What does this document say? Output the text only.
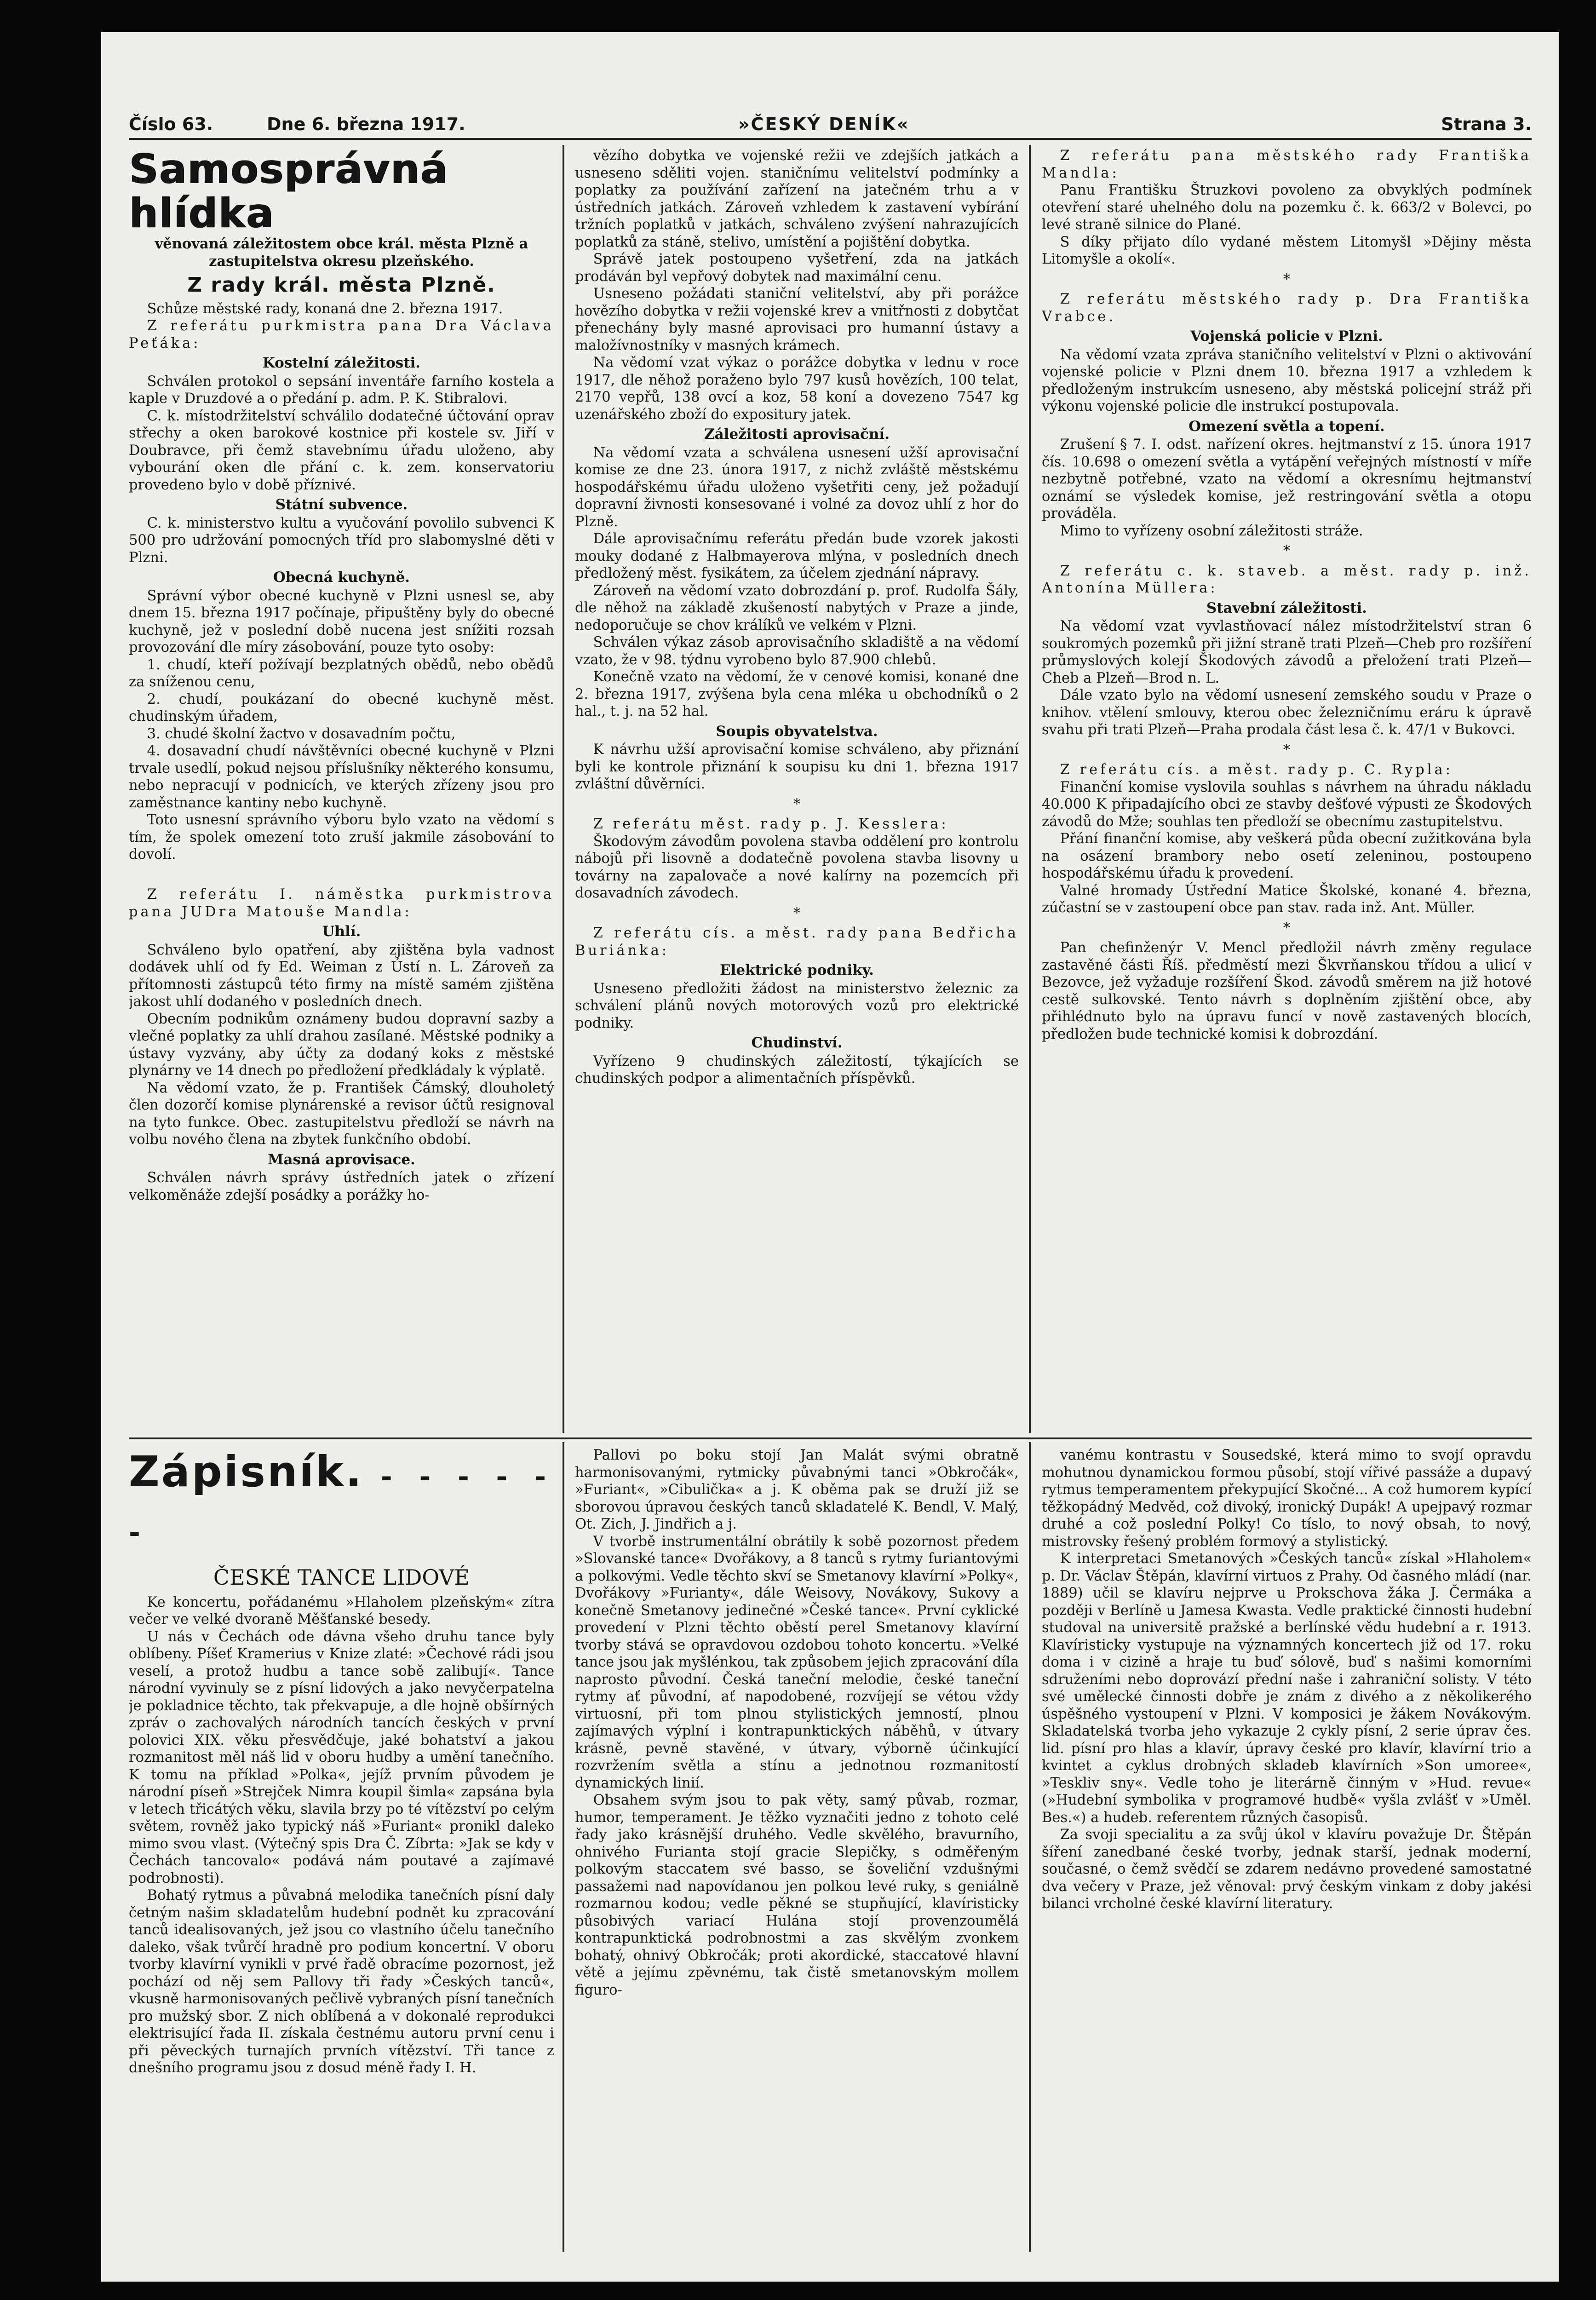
Číslo 63.	Dne 6. března 1917.	»ČESKÝ DENÍK«	Strana 3.
Samosprávná hlídka

věnovaná záležitostem obce král. města Plzně a zastupitelstva okresu plzeňského.

Z rady král. města Plzně.

Schůze městské rady, konaná dne 2. března 1917.

Z referátu purkmistra pana Dra Václava Peťáka:

Kostelní záležitosti.

Schválen protokol o sepsání inventáře farního kostela a kaple v Druzdové a o předání p. adm. P. K. Stibralovi.

C. k. místodržitelství schválilo dodatečné účtování oprav střechy a oken barokové kostnice při kostele sv. Jiří v Doubravce, při čemž stavebnímu úřadu uloženo, aby vybourání oken dle přání c. k. zem. konservatoriu provedeno bylo v době příznivé.

Státní subvence.

C. k. ministerstvo kultu a vyučování povolilo subvenci K 500 pro udržování pomocných tříd pro slabomyslné děti v Plzni.

Obecná kuchyně.

Správní výbor obecné kuchyně v Plzni usnesl se, aby dnem 15. března 1917 počínaje, připuštěny byly do obecné kuchyně, jež v poslední době nucena jest snížiti rozsah provozování dle míry zásobování, pouze tyto osoby:

1. chudí, kteří požívají bezplatných obědů, nebo obědů za sníženou cenu,

2. chudí, poukázaní do obecné kuchyně měst. chudinským úřadem,

3. chudé školní žactvo v dosavadním počtu,

4. dosavadní chudí návštěvníci obecné kuchyně v Plzni trvale usedlí, pokud nejsou příslušníky některého konsumu, nebo nepracují v podnicích, ve kterých zřízeny jsou pro zaměstnance kantiny nebo kuchyně.

Toto usnesní správního výboru bylo vzato na vědomí s tím, že spolek omezení toto zruší jakmile zásobování to dovolí.

Z referátu I. náměstka purkmistrova pana JUDra Matouše Mandla:

Uhlí.

Schváleno bylo opatření, aby zjištěna byla vadnost dodávek uhlí od fy Ed. Weiman z Ústí n. L. Zároveň za přítomnosti zástupců této firmy na místě samém zjištěna jakost uhlí dodaného v posledních dnech.

Obecním podnikům oznámeny budou dopravní sazby a vlečné poplatky za uhlí drahou zasílané. Městské podniky a ústavy vyzvány, aby účty za dodaný koks z městské plynárny ve 14 dnech po předložení předkládaly k výplatě.

Na vědomí vzato, že p. František Čámský, dlouholetý člen dozorčí komise plynárenské a revisor účtů resignoval na tyto funkce. Obec. zastupitelstvu předloží se návrh na volbu nového člena na zbytek funkčního období.

Masná aprovisace.

Schválen návrh správy ústředních jatek o zřízení velkoměnáže zdejší posádky a porážky ho-

vězího dobytka ve vojenské režii ve zdejších jatkách a usneseno sděliti vojen. staničnímu velitelství podmínky a poplatky za používání zařízení na jatečném trhu a v ústředních jatkách. Zároveň vzhledem k zastavení vybírání tržních poplatků v jatkách, schváleno zvýšení nahrazujících poplatků za stáně, stelivo, umístění a pojištění dobytka.

Správě jatek postoupeno vyšetření, zda na jatkách prodáván byl vepřový dobytek nad maximální cenu.

Usneseno požádati staniční velitelství, aby při porážce hovězího dobytka v režii vojenské krev a vnitřnosti z dobytčat přenechány byly masné aprovisaci pro humanní ústavy a maložívnostníky v masných krámech.

Na vědomí vzat výkaz o porážce dobytka v lednu v roce 1917, dle něhož poraženo bylo 797 kusů hovězích, 100 telat, 2170 vepřů, 138 ovcí a koz, 58 koní a dovezeno 7547 kg uzenářského zboží do expositury jatek.

Záležitosti aprovisační.

Na vědomí vzata a schválena usnesení užší aprovisační komise ze dne 23. února 1917, z nichž zvláště městskému hospodářskému úřadu uloženo vyšetřiti ceny, jež požadují dopravní živnosti konsesované i volné za dovoz uhlí z hor do Plzně.

Dále aprovisačnímu referátu předán bude vzorek jakosti mouky dodané z Halbmayerova mlýna, v posledních dnech předložený měst. fysikátem, za účelem zjednání nápravy.

Zároveň na vědomí vzato dobrozdání p. prof. Rudolfa Šály, dle něhož na základě zkušeností nabytých v Praze a jinde, nedoporučuje se chov králíků ve velkém v Plzni.

Schválen výkaz zásob aprovisačního skladiště a na vědomí vzato, že v 98. týdnu vyrobeno bylo 87.900 chlebů.

Konečně vzato na vědomí, že v cenové komisi, konané dne 2. března 1917, zvýšena byla cena mléka u obchodníků o 2 hal., t. j. na 52 hal.

Soupis obyvatelstva.

K návrhu užší aprovisační komise schváleno, aby přiznání byli ke kontrole přiznání k soupisu ku dni 1. března 1917 zvláštní důvěrníci.

*

Z referátu měst. rady p. J. Kesslera:

Škodovým závodům povolena stavba oddělení pro kontrolu nábojů při lisovně a dodatečně povolena stavba lisovny u továrny na zapalovače a nové kalírny na pozemcích při dosavadních závodech.

*

Z referátu cís. a měst. rady pana Bedřicha Buriánka:

Elektrické podniky.

Usneseno předložiti žádost na ministerstvo železnic za schválení plánů nových motorových vozů pro elektrické podniky.

Chudinství.

Vyřízeno 9 chudinských záležitostí, týkajících se chudinských podpor a alimentačních příspěvků.

Z referátu pana městského rady Františka Mandla:

Panu Františku Štruzkovi povoleno za obvyklých podmínek otevření staré uhelného dolu na pozemku č. k. 663/2 v Bolevci, po levé straně silnice do Plané.

S díky přijato dílo vydané městem Litomyšl »Dějiny města Litomyšle a okolí«.

*

Z referátu městského rady p. Dra Františka Vrabce.

Vojenská policie v Plzni.

Na vědomí vzata zpráva staničního velitelství v Plzni o aktivování vojenské policie v Plzni dnem 10. března 1917 a vzhledem k předloženým instrukcím usneseno, aby městská policejní stráž při výkonu vojenské policie dle instrukcí postupovala.

Omezení světla a topení.

Zrušení § 7. I. odst. nařízení okres. hejtmanství z 15. února 1917 čís. 10.698 o omezení světla a vytápění veřejných místností v míře nezbytně potřebné, vzato na vědomí a okresnímu hejtmanství oznámí se výsledek komise, jež restringování světla a otopu prováděla.

Mimo to vyřízeny osobní záležitosti stráže.

*

Z referátu c. k. staveb. a měst. rady p. inž. Antonína Müllera:

Stavební záležitosti.

Na vědomí vzat vyvlastňovací nález místodržitelství stran 6 soukromých pozemků při jižní straně trati Plzeň—Cheb pro rozšíření průmyslových kolejí Škodových závodů a přeložení trati Plzeň—Cheb a Plzeň—Brod n. L.

Dále vzato bylo na vědomí usnesení zemského soudu v Praze o knihov. vtělení smlouvy, kterou obec železničnímu eráru k úpravě svahu při trati Plzeň—Praha prodala část lesa č. k. 47/1 v Bukovci.

*

Z referátu cís. a měst. rady p. C. Rypla:

Finanční komise vyslovila souhlas s návrhem na úhradu nákladu 40.000 K připadajícího obci ze stavby dešťové výpusti ze Škodových závodů do Mže; souhlas ten předloží se obecnímu zastupitelstvu.

Přání finanční komise, aby veškerá půda obecní zužitkována byla na osázení brambory nebo osetí zeleninou, postoupeno hospodářskému úřadu k provedení.

Valné hromady Ústřední Matice Školské, konané 4. března, zúčastní se v zastoupení obce pan stav. rada inž. Ant. Müller.

*

Pan chefinženýr V. Mencl předložil návrh změny regulace zastavěné části Říš. předměstí mezi Škvrňanskou třídou a ulicí v Bezovce, jež vyžaduje rozšíření Škod. závodů směrem na již hotové cestě sulkovské. Tento návrh s doplněním zjištění obce, aby přihlédnuto bylo na úpravu funcí v nově zastavených blocích, předložen bude technické komisi k dobrozdání.

Zápisník. - - - - - -
ČESKÉ TANCE LIDOVÉ

Ke koncertu, pořádanému »Hlaholem plzeňským« zítra večer ve velké dvoraně Měšťanské besedy.

U nás v Čechách ode dávna všeho druhu tance byly oblíbeny. Píšeť Kramerius v Knize zlaté: »Čechové rádi jsou veselí, a protož hudbu a tance sobě zalibují«. Tance národní vyvinuly se z písní lidových a jako nevyčerpatelna je pokladnice těchto, tak překvapuje, a dle hojně obšírných zpráv o zachovalých národních tancích českých v první polovici XIX. věku přesvědčuje, jaké bohatství a jakou rozmanitost měl náš lid v oboru hudby a umění tanečního. K tomu na příklad »Polka«, jejíž prvním původem je národní píseň »Strejček Nimra koupil šimla« zapsána byla v letech třicátých věku, slavila brzy po té vítězství po celým světem, rovněž jako typický náš »Furiant« pronikl daleko mimo svou vlast. (Výtečný spis Dra Č. Zíbrta: »Jak se kdy v Čechách tancovalo« podává nám poutavé a zajímavé podrobnosti).

Bohatý rytmus a půvabná melodika tanečních písní daly četným našim skladatelům hudební podnět ku zpracování tanců idealisovaných, jež jsou co vlastního účelu tanečního daleko, však tvůrčí hradně pro podium koncertní. V oboru tvorby klavírní vynikli v prvé řadě obracíme pozornost, jež pochází od něj sem Pallovy tři řady »Českých tanců«, vkusně harmonisovaných pečlivě vybraných písní tanečních pro mužský sbor. Z nich oblíbená a v dokonalé reprodukci elektrisující řada II. získala čestnému autoru první cenu i při pěveckých turnajích prvních vítězství. Tři tance z dnešního programu jsou z dosud méně řady I. H.

Pallovi po boku stojí Jan Malát svými obratně harmonisovanými, rytmicky půvabnými tanci »Obkročák«, »Furiant«, »Cibulička« a j. K oběma pak se druží již se sborovou úpravou českých tanců skladatelé K. Bendl, V. Malý, Ot. Zich, J. Jindřich a j.

V tvorbě instrumentální obrátily k sobě pozornost předem »Slovanské tance« Dvořákovy, a 8 tanců s rytmy furiantovými a polkovými. Vedle těchto skví se Smetanovy klavírní »Polky«, Dvořákovy »Furianty«, dále Weisovy, Novákovy, Sukovy a konečně Smetanovy jedinečné »České tance«. První cyklické provedení v Plzni těchto oběstí perel Smetanovy klavírní tvorby stává se opravdovou ozdobou tohoto koncertu. »Velké tance jsou jak myšlénkou, tak způsobem jejich zpracování díla naprosto původní. Česká taneční melodie, české taneční rytmy ať původní, ať napodobené, rozvíjejí se vétou vždy virtuosní, při tom plnou stylistických jemností, plnou zajímavých výplní i kontrapunktických náběhů, v útvary krásně, pevně stavěné, v útvary, výborně účinkující rozvržením světla a stínu a jednotnou rozmanitostí dynamických linií.

Obsahem svým jsou to pak věty, samý půvab, rozmar, humor, temperament. Je těžko vyznačiti jedno z tohoto celé řady jako krásnější druhého. Vedle skvělého, bravurního, ohnivého Furianta stojí gracie Slepičky, s odměřeným polkovým staccatem své basso, se šoveliční vzdušnými passažemi nad napovídanou jen polkou levé ruky, s geniálně rozmarnou kodou; vedle pěkné se stupňující, klavíristicky působivých variací Hulána stojí provenzoumělá kontrapunktická podrobnostmi a zas skvělým zvonkem bohatý, ohnivý Obkročák; proti akordické, staccatové hlavní větě a jejímu zpěvnému, tak čistě smetanovským mollem figuro-

vanému kontrastu v Sousedské, která mimo to svojí opravdu mohutnou dynamickou formou působí, stojí vířivé passáže a dupavý rytmus temperamentem překypující Skočné... A což humorem kypící těžkopádný Medvěd, což divoký, ironický Dupák! A upejpavý rozmar druhé a což poslední Polky! Co tíslo, to nový obsah, to nový, mistrovsky řešený problém formový a stylistický.

K interpretaci Smetanových »Českých tanců« získal »Hlaholem« p. Dr. Václav Štěpán, klavírní virtuos z Prahy. Od časného mládí (nar. 1889) učil se klavíru nejprve u Prokschova žáka J. Čermáka a později v Berlíně u Jamesa Kwasta. Vedle praktické činnosti hudební studoval na universitě pražské a berlínské vědu hudební a r. 1913. Klavíristicky vystupuje na významných koncertech již od 17. roku doma i v cizině a hraje tu buď sólově, buď s našimi komorními sdruženími nebo doprovází přední naše i zahraniční solisty. V této své umělecké činnosti dobře je znám z divého a z několikerého úspěšného vystoupení v Plzni. V komposici je žákem Novákovým. Skladatelská tvorba jeho vykazuje 2 cykly písní, 2 serie úprav čes. lid. písní pro hlas a klavír, úpravy české pro klavír, klavírní trio a kvintet a cyklus drobných skladeb klavírních »Son umoree«, »Teskliv sny«. Vedle toho je literárně činným v »Hud. revue« (»Hudební symbolika v programové hudbě« vyšla zvlášť v »Uměl. Bes.«) a hudeb. referentem různých časopisů.

Za svoji specialitu a za svůj úkol v klavíru považuje Dr. Štěpán šíření zanedbané české tvorby, jednak starší, jednak moderní, současné, o čemž svědčí se zdarem nedávno provedené samostatné dva večery v Praze, jež věnoval: prvý českým vinkam z doby jakési bilanci vrcholné české klavírní literatury.
